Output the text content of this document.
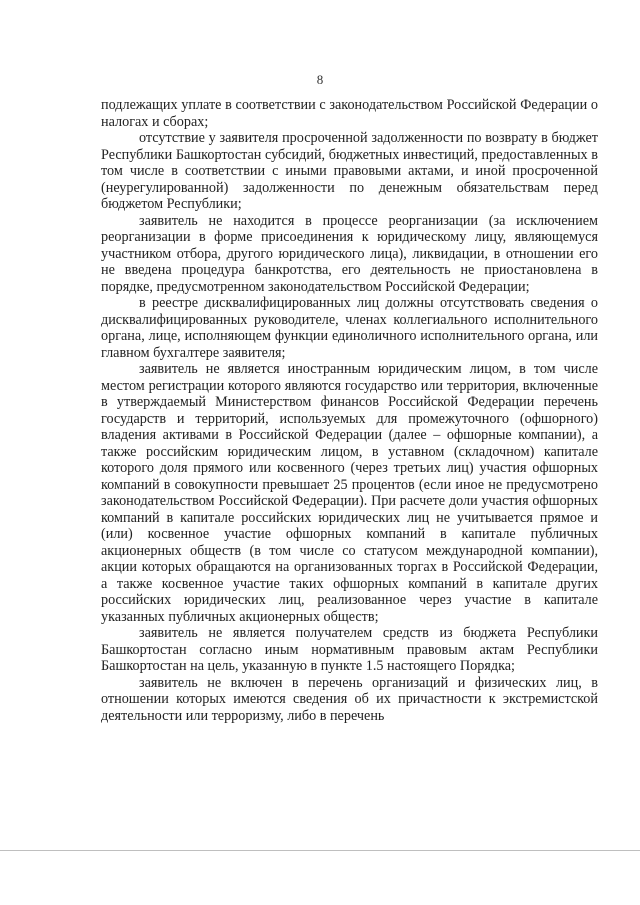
8

подлежащих уплате в соответствии с законодательством Российской Федерации о налогах и сборах;

отсутствие у заявителя просроченной задолженности по возврату в бюджет Республики Башкортостан субсидий, бюджетных инвестиций, предоставленных в том числе в соответствии с иными правовыми актами, и иной просроченной (неурегулированной) задолженности по денежным обязательствам перед бюджетом Республики;

заявитель не находится в процессе реорганизации (за исключением реорганизации в форме присоединения к юридическому лицу, являющемуся участником отбора, другого юридического лица), ликвидации, в отношении его не введена процедура банкротства, его деятельность не приостановлена в порядке, предусмотренном законодательством Российской Федерации;

в реестре дисквалифицированных лиц должны отсутствовать сведения о дисквалифицированных руководителе, членах коллегиального исполнительного органа, лице, исполняющем функции единоличного исполнительного органа, или главном бухгалтере заявителя;

заявитель не является иностранным юридическим лицом, в том числе местом регистрации которого являются государство или территория, включенные в утверждаемый Министерством финансов Российской Федерации перечень государств и территорий, используемых для промежуточного (офшорного) владения активами в Российской Федерации (далее – офшорные компании), а также российским юридическим лицом, в уставном (складочном) капитале которого доля прямого или косвенного (через третьих лиц) участия офшорных компаний в совокупности превышает 25 процентов (если иное не предусмотрено законодательством Российской Федерации). При расчете доли участия офшорных компаний в капитале российских юридических лиц не учитывается прямое и (или) косвенное участие офшорных компаний в капитале публичных акционерных обществ (в том числе со статусом международной компании), акции которых обращаются на организованных торгах в Российской Федерации, а также косвенное участие таких офшорных компаний в капитале других российских юридических лиц, реализованное через участие в капитале указанных публичных акционерных обществ;

заявитель не является получателем средств из бюджета Республики Башкортостан согласно иным нормативным правовым актам Республики Башкортостан на цель, указанную в пункте 1.5 настоящего Порядка;

заявитель не включен в перечень организаций и физических лиц, в отношении которых имеются сведения об их причастности к экстремистской деятельности или терроризму, либо в перечень
